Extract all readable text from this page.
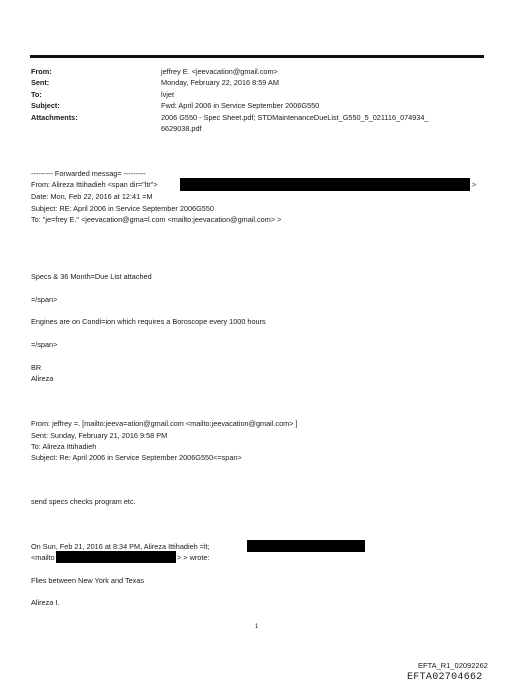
From:	jeffrey E. <jeevacation@gmail.com>
Sent:	Monday, February 22, 2016 8:59 AM
To:	lvjet
Subject:	Fwd: April 2006 in Service September 2006G550
Attachments:	2006 G550 - Spec Sheet.pdf; STDMaintenanceDueList_G550_5_021116_074934_
6629038.pdf
--------- Forwarded messag= ---------
From: Alireza Ittihadieh <span dir="ltr">	>
Date: Mon, Feb 22, 2016 at 12:41 =M
Subject: RE: April 2006 in Service September 2006G550
To: "je=frey E." <jeevacation@gma=l.com <mailto:jeevacation@gmail.com> >
Specs & 36 Month=Due List attached
=/span>
Engines are on Condi=ion which requires a Boroscope every 1000 hours
=/span>
BR
Alireza
From: jeffrey =. [mailto:jeeva=ation@gmail.com <mailto:jeevacation@gmail.com> ]
Sent: Sunday, February 21, 2016 9:58 PM
To: Alireza Ittihadieh
Subject: Re: April 2006 in Service September 2006G550<=span>
send specs checks program etc.
On Sun, Feb 21, 2016 at 8:34 PM, Alireza Ittihadieh =lt;
<mailto	> > wrote:
Flies between New York and Texas
Alireza I.
1
EFTA_R1_02092262
EFTA02704662
